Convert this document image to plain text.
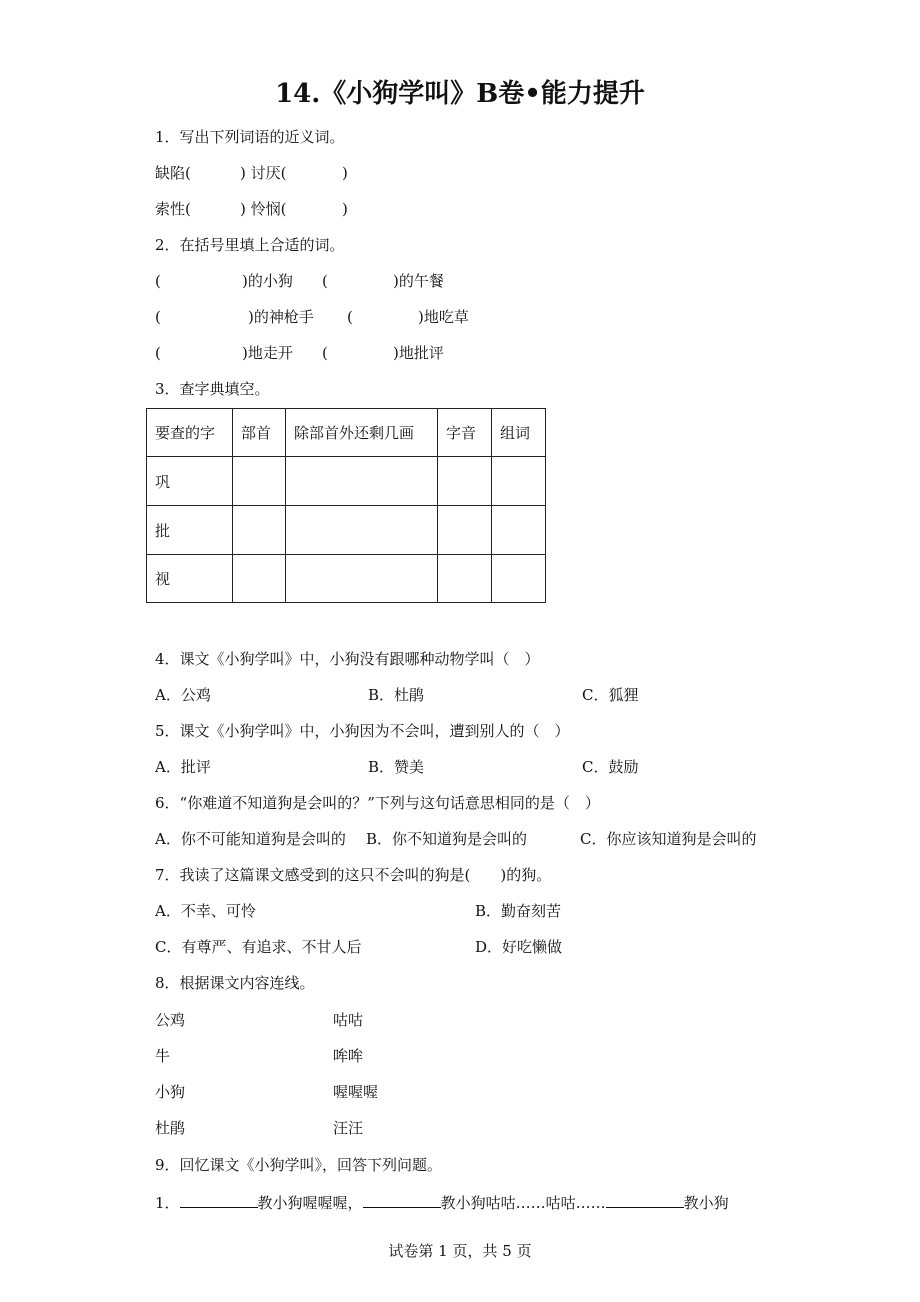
14.《小狗学叫》B卷•能力提升
1．写出下列词语的近义词。
缺陷(	) 讨厌(	)
索性(	) 怜悯(	)
2．在括号里填上合适的词。
(	)的小狗 (	)的午餐
(	)的神枪手 (	)地吃草
(	)地走开 (	)地批评
3．查字典填空。
要查的字	部首	除部首外还剩几画	字音	组词
巩				
批				
视				
4．课文《小狗学叫》中，小狗没有跟哪种动物学叫（　）
A．公鸡	B．杜鹃	C．狐狸
5．课文《小狗学叫》中，小狗因为不会叫，遭到别人的（　）
A．批评	B．赞美	C．鼓励
6．“你难道不知道狗是会叫的？”下列与这句话意思相同的是（　）
A．你不可能知道狗是会叫的 B．你不知道狗是会叫的	C．你应该知道狗是会叫的
7．我读了这篇课文感受到的这只不会叫的狗是(　　)的狗。
A．不幸、可怜	B．勤奋刻苦
C．有尊严、有追求、不甘人后	D．好吃懒做
8．根据课文内容连线。
公鸡	咕咕
牛	哞哞
小狗	喔喔喔
杜鹃	汪汪
9．回忆课文《小狗学叫》，回答下列问题。
1．	教小狗喔喔喔，	教小狗咕咕……咕咕……	教小狗
试卷第 1 页，共 5 页
